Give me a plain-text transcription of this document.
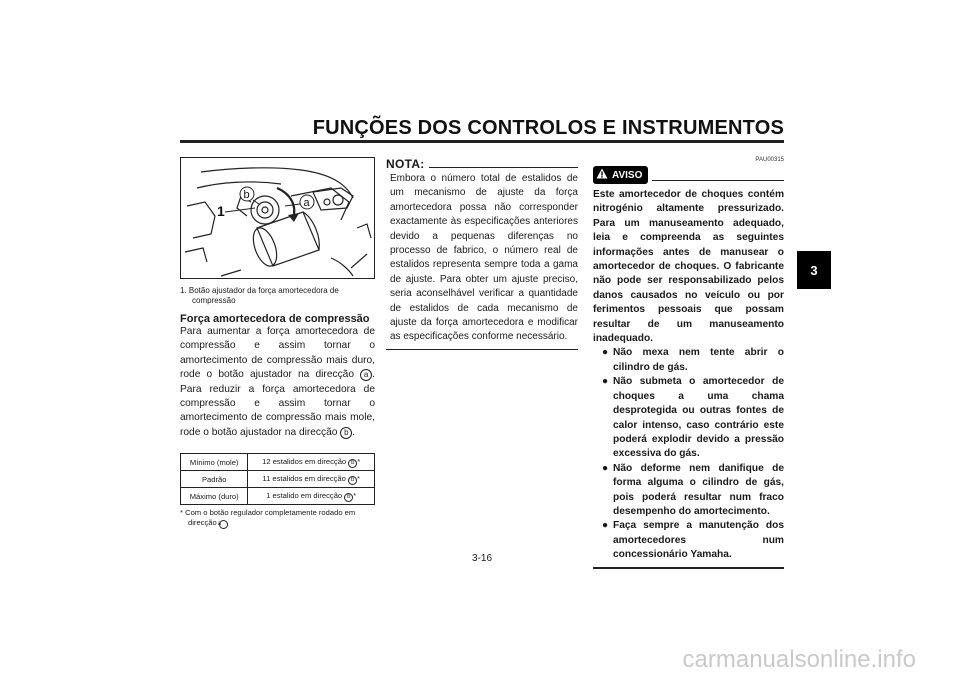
FUNÇÕES DOS CONTROLOS E INSTRUMENTOS
3
1
b
a
1. Botão ajustador da força amortecedora de compressão
Força amortecedora de compressão
Para aumentar a força amortecedora de compressão e assim tornar o amortecimento de compressão mais duro, rode o botão ajustador na direcção a . Para reduzir a força amortecedora de compressão e assim tornar o amortecimento de compressão mais mole, rode o botão ajustador na direcção b .
Mínimo (mole)	12 estalidos em direcção b *
Padrão	11 estalidos em direcção b *
Máximo (duro)	1 estalido em direcção b *
* Com o botão regulador completamente rodado em direcção a
NOTA:
Embora o número total de estalidos de um mecanismo de ajuste da força amortecedora possa não corresponder exactamente às especificações anteriores devido a pequenas diferenças no processo de fabrico, o número real de estalidos representa sempre toda a gama de ajuste. Para obter um ajuste preciso, seria aconselhável verificar a quantidade de estalidos de cada mecanismo de ajuste da força amortecedora e modificar as especificações conforme necessário.
PAU00315
AVISO
Este amortecedor de choques contém nitrogénio altamente pressurizado. Para um manuseamento adequado, leia e compreenda as seguintes informações antes de manusear o amortecedor de choques. O fabricante não pode ser responsabilizado pelos danos causados no veículo ou por ferimentos pessoais que possam resultar de um manuseamento inadequado.
● Não mexa nem tente abrir o cilindro de gás.
● Não submeta o amortecedor de choques a uma chama desprotegida ou outras fontes de calor intenso, caso contrário este poderá explodir devido a pressão excessiva do gás.
● Não deforme nem danifique de forma alguma o cilindro de gás, pois poderá resultar num fraco desempenho do amortecimento.
● Faça sempre a manutenção dos amortecedores num concessionário Yamaha.
3-16
carmanualsonline.info
